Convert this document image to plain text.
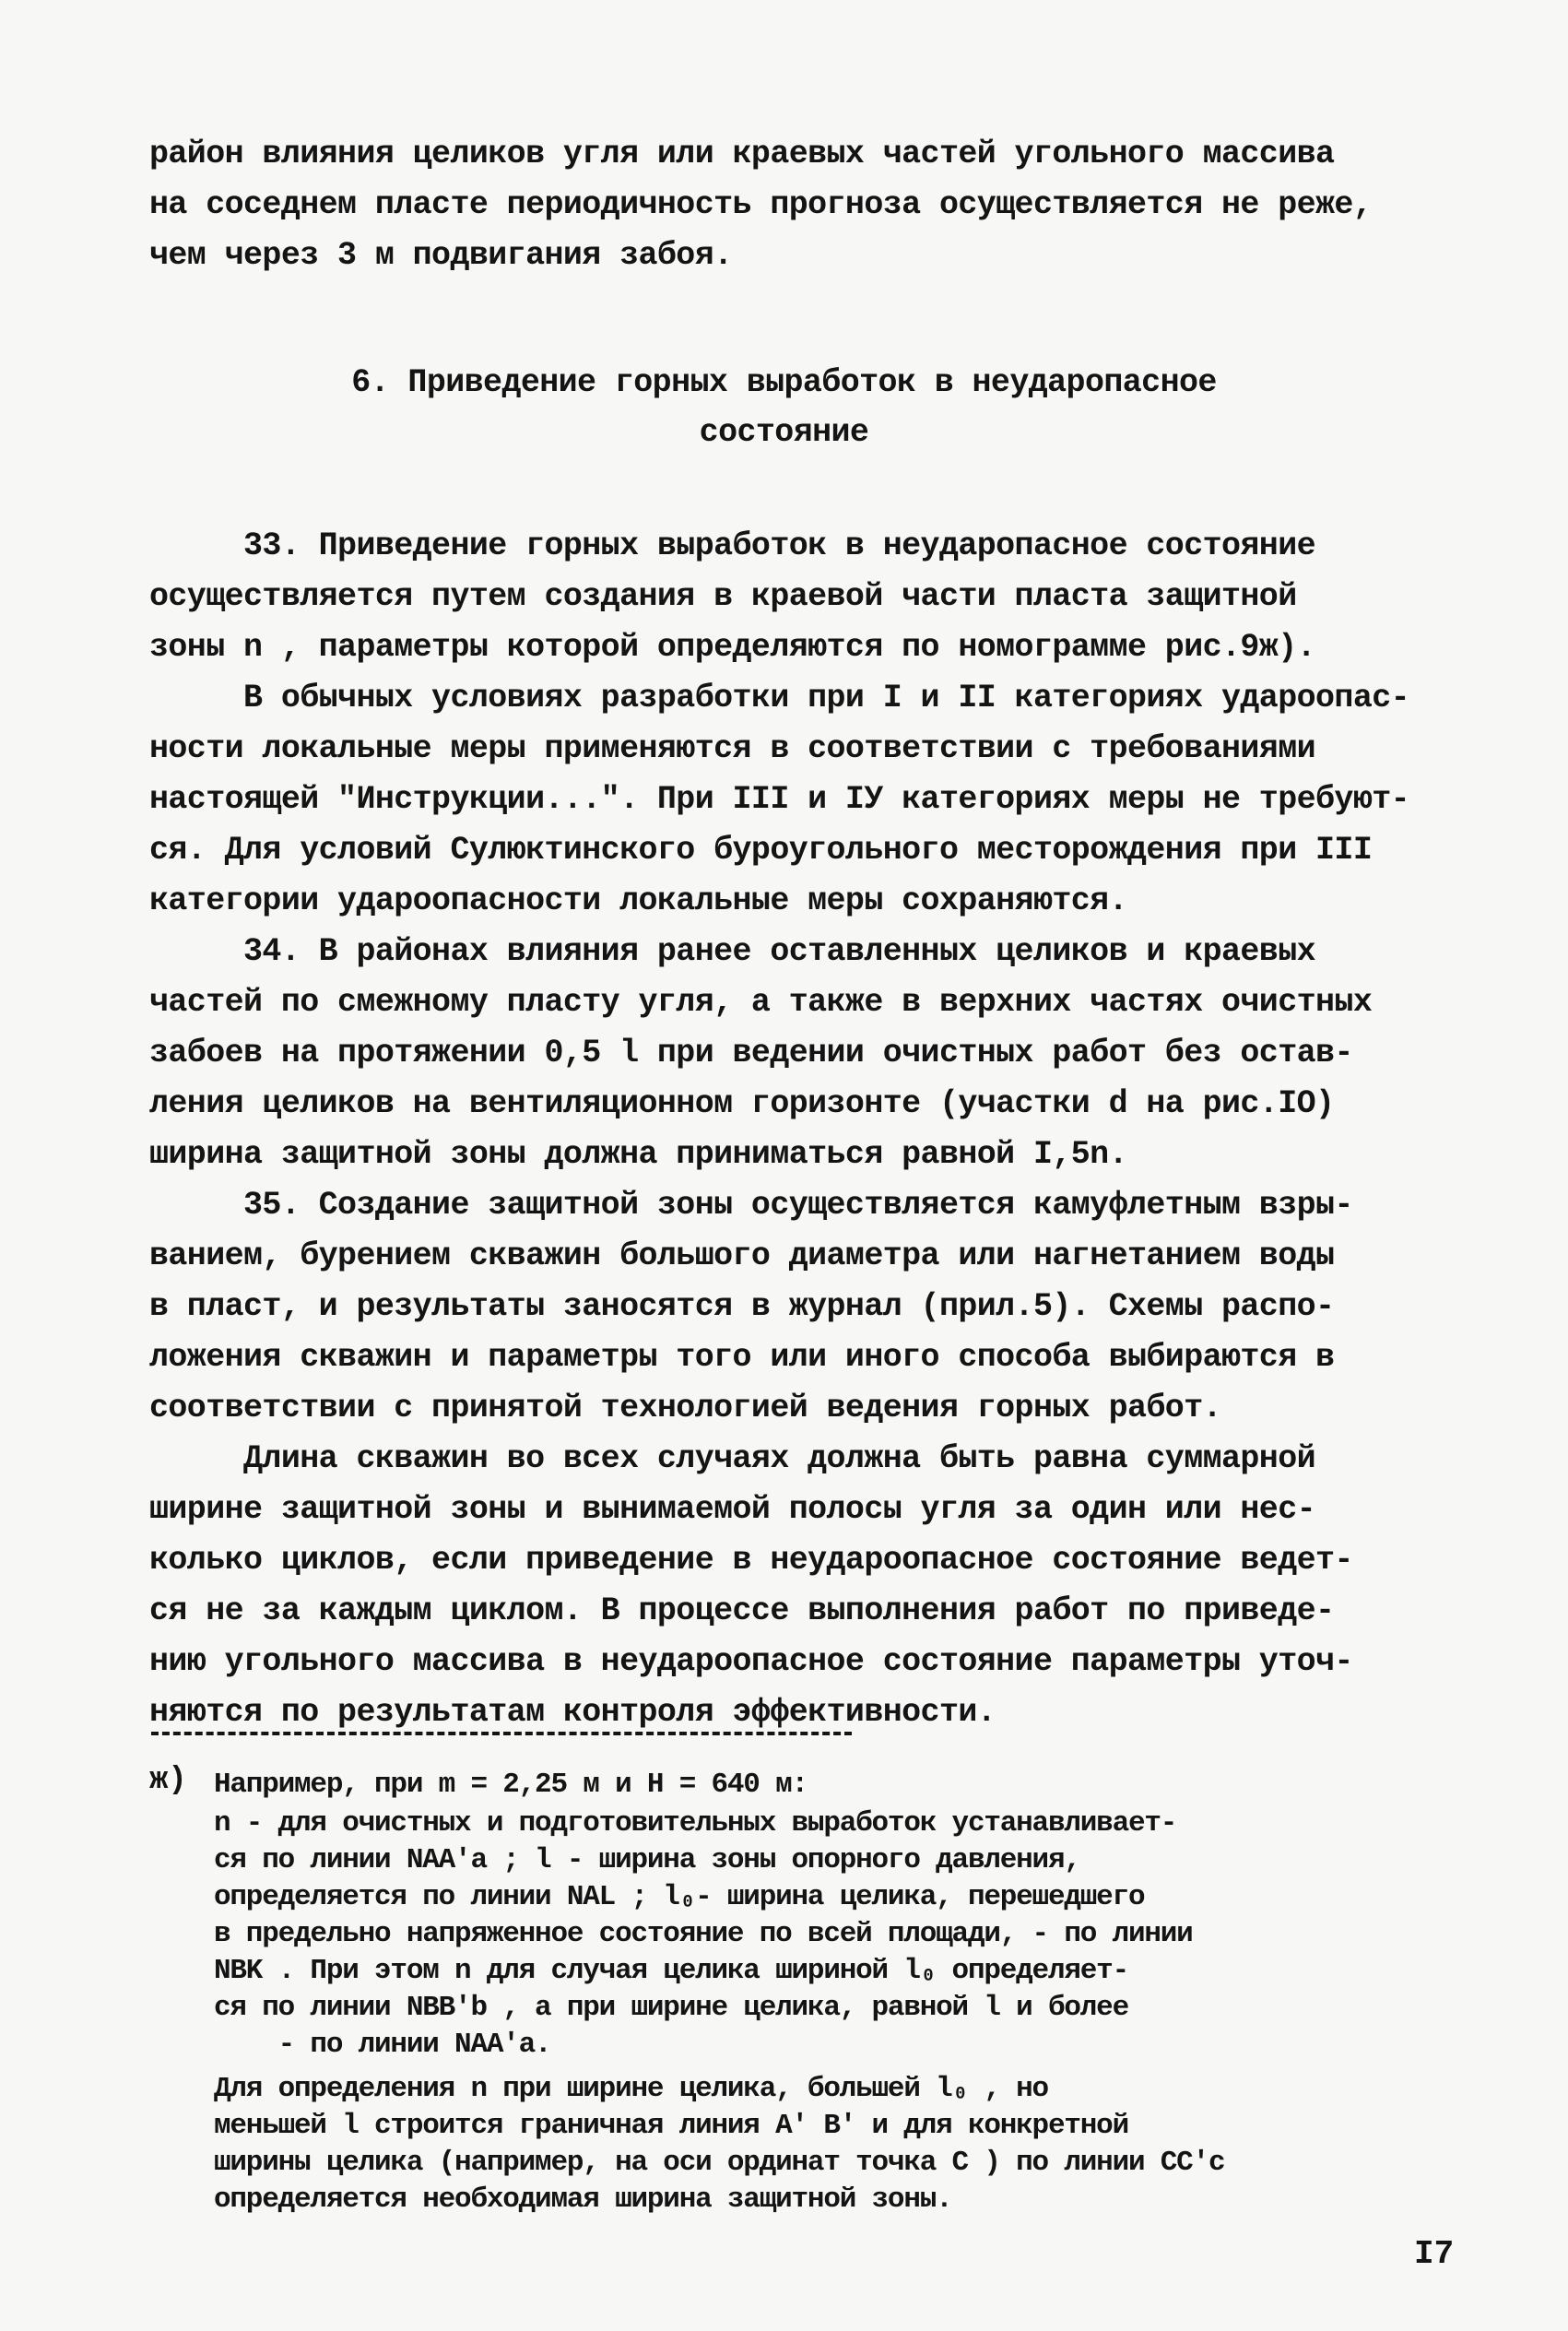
район влияния целиков угля или краевых частей угольного массива
на соседнем пласте периодичность прогноза осуществляется не реже,
чем через 3 м подвигания забоя.
6. Приведение горных выработок в неударопасное
состояние
33. Приведение горных выработок в неударопасное состояние
осуществляется путем создания в краевой части пласта защитной
зоны n , параметры которой определяются по номограмме рис.9ж).
В обычных условиях разработки при I и II категориях ударoопас-
ности локальные меры применяются в соответствии с требованиями
настоящей "Инструкции...". При III и IУ категориях меры не требуют-
ся. Для условий Сулюктинского буроугольного месторождения при III
категории удароопасности локальные меры сохраняются.
34. В районах влияния ранее оставленных целиков и краевых
частей по смежному пласту угля, а также в верхних частях очистных
забоев на протяжении 0,5 l при ведении очистных работ без остав-
ления целиков на вентиляционном горизонте (участки d на рис.IO)
ширина защитной зоны должна приниматься равной I,5n.
35. Создание защитной зоны осуществляется камуфлетным взры-
ванием, бурением скважин большого диаметра или нагнетанием воды
в пласт, и результаты заносятся в журнал (прил.5). Схемы распо-
ложения скважин и параметры того или иного способа выбираются в
соответствии с принятой технологией ведения горных работ.
Длина скважин во всех случаях должна быть равна суммарной
ширине защитной зоны и вынимаемой полосы угля за один или нес-
колько циклов, если приведение в неудароопасное состояние ведет-
ся не за каждым циклом. В процессе выполнения работ по приведе-
нию угольного массива в неудароопасное состояние параметры уточ-
няются по результатам контроля эффективности.
ж) Например, при m = 2,25 м и H = 640 м:
n - для очистных и подготовительных выработок устанавливает-
ся по линии NAA'a ; l - ширина зоны опорного давления,
определяется по линии NAL ; l₀- ширина целика, перешедшего
в предельно напряженное состояние по всей площади, - по линии
NBK . При этом n для случая целика шириной l₀ определяет-
ся по линии NBB'b , а при ширине целика, равной l и более
- по линии NAA'a.
Для определения n при ширине целика, большей l₀ , но
меньшей l строится граничная линия A' B' и для конкретной
ширины целика (например, на оси ординат точка C ) по линии CC'c
определяется необходимая ширина защитной зоны.
I7
